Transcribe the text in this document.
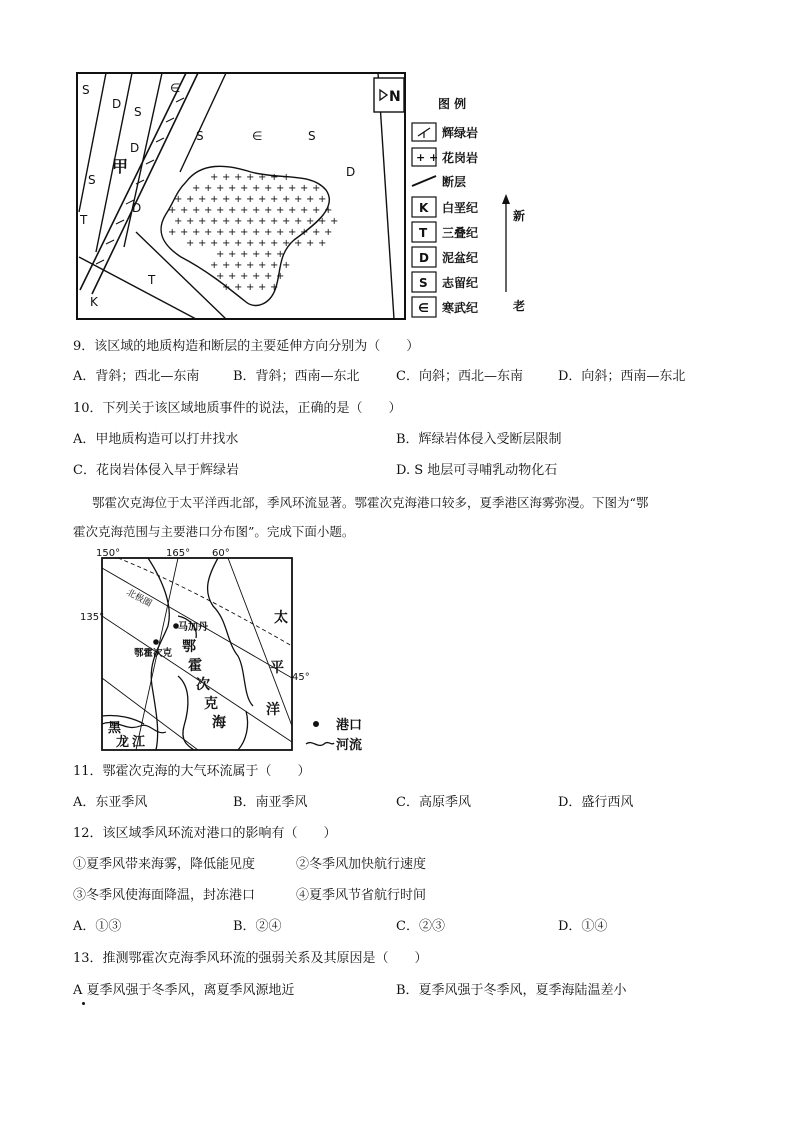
+ + + + + + +
+ + + + + + + + + + +
+ + + + + + + + + + + + +
+ + + + + + + + + + + + + +
+ + + + + + + + + + + + + +
+ + + + + + + + + + + + + +
+ + + + + + + + + + + +
+ + + + + +
+ + + + + + +
+ + + + + +
+ + + + +
N
S
D
S
∈
D
甲
S
D
T
S	∈	S
D
T
K
图 例
辉绿岩
+ + 花岗岩
断层
K 白垩纪
T 三叠纪
D 泥盆纪
S 志留纪
∈ 寒武纪
新
老
9．该区域的地质构造和断层的主要延伸方向分别为（　　）
A．背斜；西北—东南	B．背斜；西南—东北	C．向斜；西北—东南	D．向斜；西南—东北
10．下列关于该区域地质事件的说法，正确的是（　　）
A．甲地质构造可以打井找水	B．辉绿岩体侵入受断层限制
C．花岗岩体侵入早于辉绿岩	D. S 地层可寻哺乳动物化石
鄂霍次克海位于太平洋西北部，季风环流显著。鄂霍次克海港口较多，夏季港区海雾弥漫。下图为“鄂
霍次克海范围与主要港口分布图”。完成下面小题。
150°	165° 60°
135°
45°
北极圈
马加丹
鄂霍次克 鄂
霍
次
克
海
太
平
洋
黑
龙 江
港口
河流
11．鄂霍次克海的大气环流属于（　　）
A．东亚季风	B．南亚季风	C．高原季风	D．盛行西风
12．该区域季风环流对港口的影响有（　　）
①夏季风带来海雾，降低能见度	②冬季风加快航行速度
③冬季风使海面降温，封冻港口	④夏季风节省航行时间
A．①③	B．②④	C．②③	D．①④
13．推测鄂霍次克海季风环流的强弱关系及其原因是（　　）
A 夏季风强于冬季风，离夏季风源地近	B．夏季风强于冬季风，夏季海陆温差小
